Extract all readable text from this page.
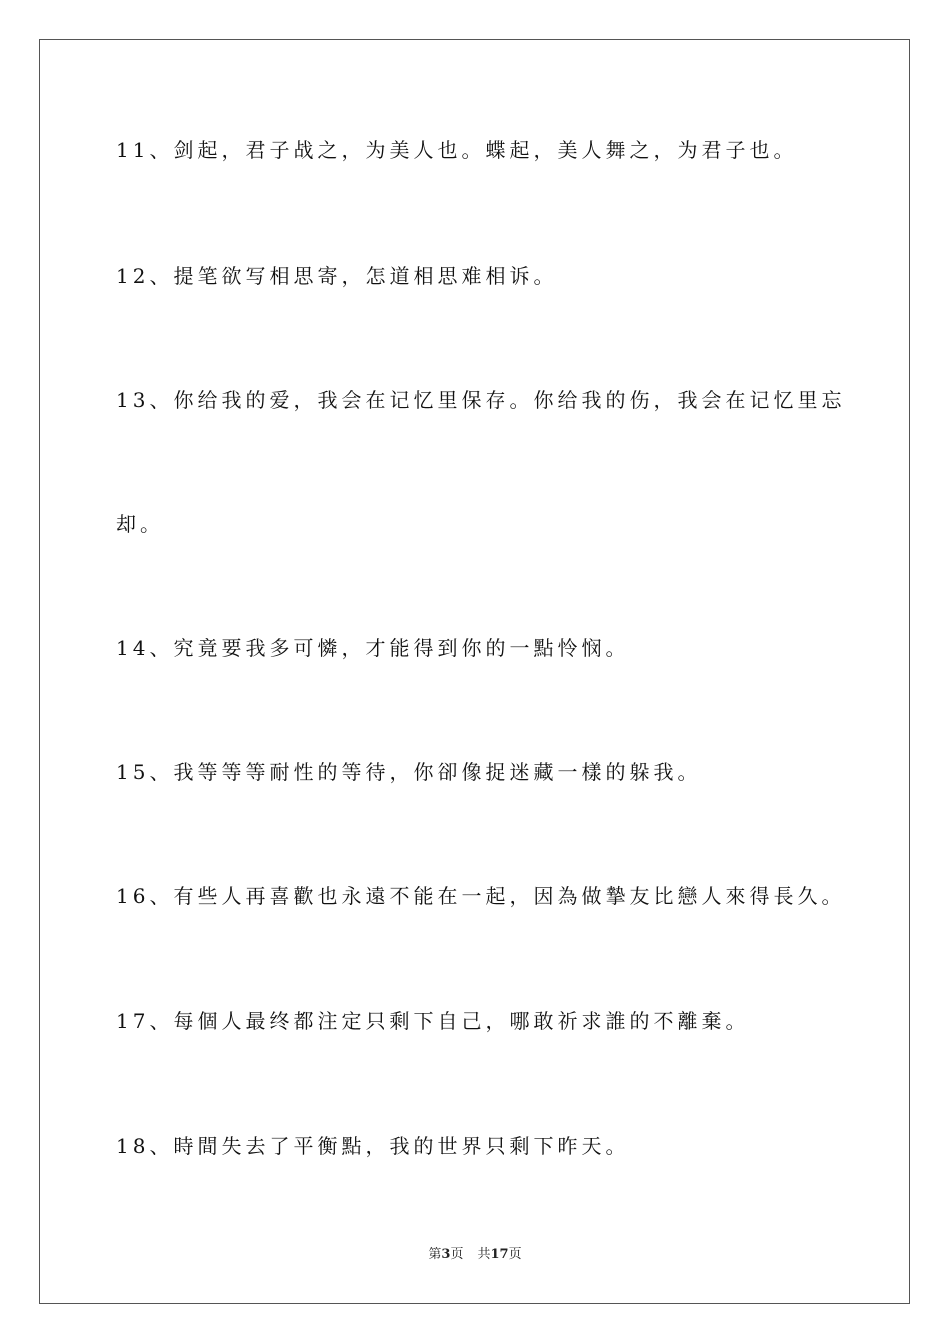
11、剑起，君子战之，为美人也。蝶起，美人舞之，为君子也。
12、提笔欲写相思寄，怎道相思难相诉。
13、你给我的爱，我会在记忆里保存。你给我的伤，我会在记忆里忘
却。
14、究竟要我多可憐，才能得到你的一點怜悯。
15、我等等等耐性的等待，你卻像捉迷藏一樣的躲我。
16、有些人再喜歡也永遠不能在一起，因為做摯友比戀人來得長久。
17、每個人最终都注定只剩下自己，哪敢祈求誰的不離棄。
18、時間失去了平衡點，我的世界只剩下昨天。
第3页 共17页
